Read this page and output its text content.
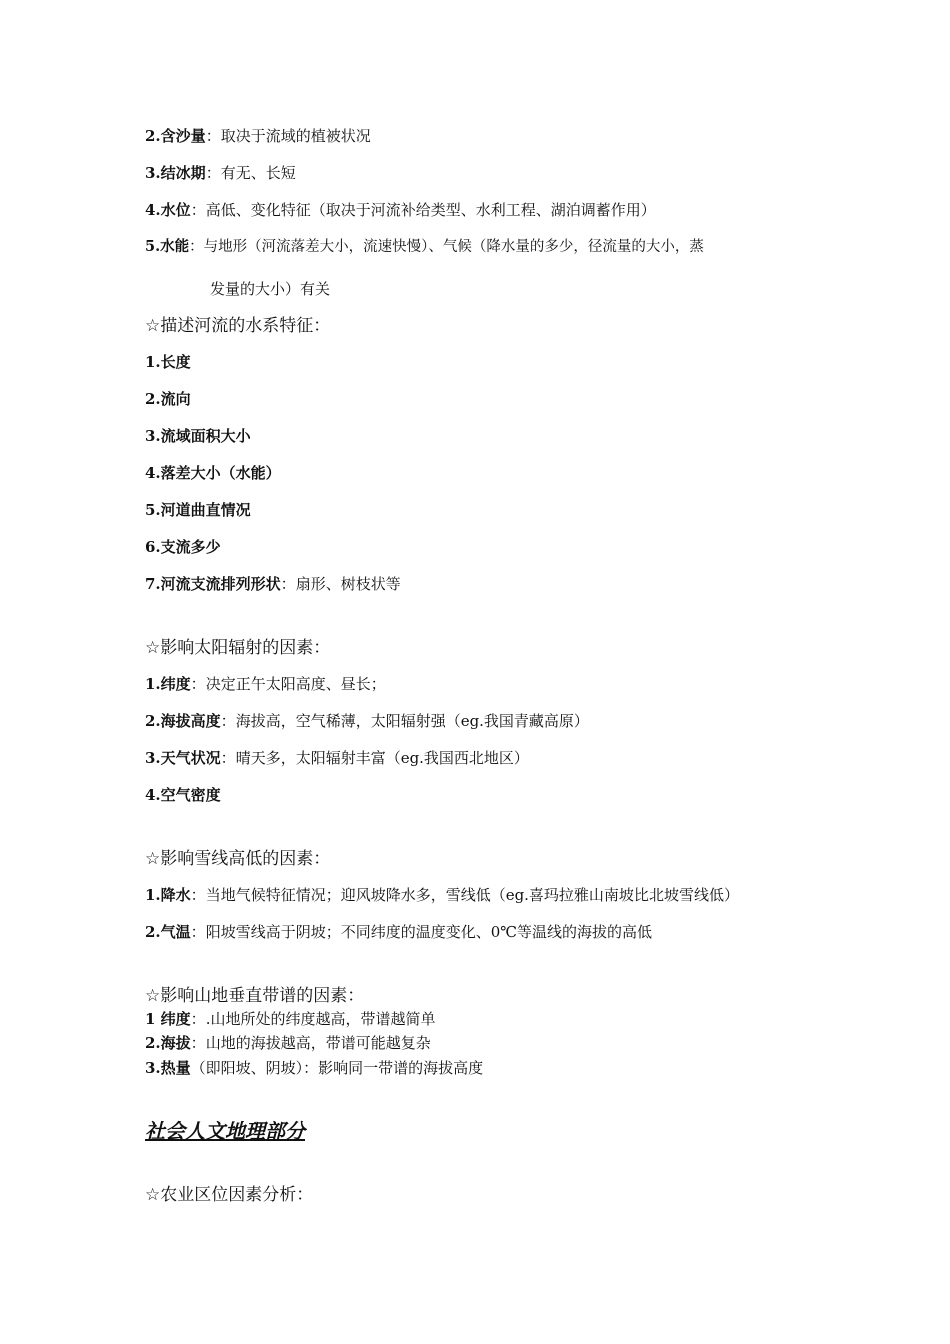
2.含沙量：取决于流域的植被状况
3.结冰期：有无、长短
4.水位：高低、变化特征（取决于河流补给类型、水利工程、湖泊调蓄作用）
5.水能：与地形（河流落差大小，流速快慢）、气候（降水量的多少，径流量的大小，蒸
发量的大小）有关
☆描述河流的水系特征：
1.长度
2.流向
3.流域面积大小
4.落差大小（水能）
5.河道曲直情况
6.支流多少
7.河流支流排列形状：扇形、树枝状等
☆影响太阳辐射的因素：
1.纬度：决定正午太阳高度、昼长；
2.海拔高度：海拔高，空气稀薄，太阳辐射强（eg.我国青藏高原）
3.天气状况：晴天多，太阳辐射丰富（eg.我国西北地区）
4.空气密度
☆影响雪线高低的因素：
1.降水：当地气候特征情况；迎风坡降水多，雪线低（eg.喜玛拉雅山南坡比北坡雪线低）
2.气温：阳坡雪线高于阴坡；不同纬度的温度变化、0℃等温线的海拔的高低
☆影响山地垂直带谱的因素：
1 纬度：.山地所处的纬度越高，带谱越简单
2.海拔：山地的海拔越高，带谱可能越复杂
3.热量（即阳坡、阴坡）：影响同一带谱的海拔高度
社会人文地理部分
☆农业区位因素分析：
